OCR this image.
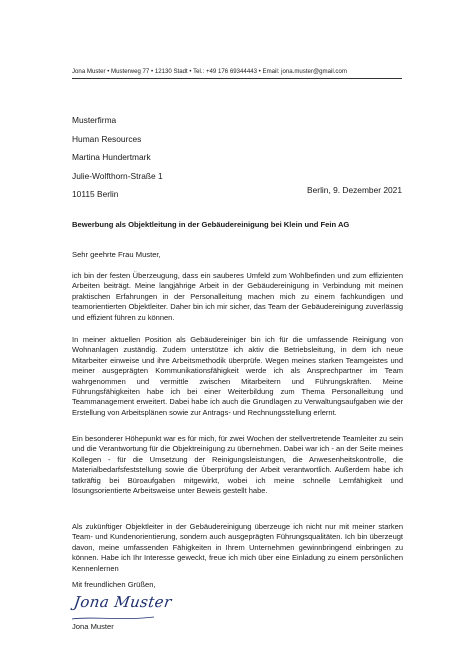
Jona Muster • Musterweg 77 • 12130 Stadt • Tel.: +49 176 69344443 • Email: jona.muster@gmail.com
Musterfirma
Human Resources
Martina Hundertmark
Julie-Wolfthorn-Straße 1
10115 Berlin	Berlin, 9. Dezember 2021
Bewerbung als Objektleitung in der Gebäudereinigung bei Klein und Fein AG
Sehr geehrte Frau Muster,

ich bin der festen Überzeugung, dass ein sauberes Umfeld zum Wohlbefinden und zum effizienten Arbeiten beiträgt. Meine langjährige Arbeit in der Gebäudereinigung in Verbindung mit meinen praktischen Erfahrungen in der Personalleitung machen mich zu einem fachkundigen und teamorientierten Objektleiter. Daher bin ich mir sicher, das Team der Gebäudereinigung zuverlässig und effizient führen zu können.

In meiner aktuellen Position als Gebäudereiniger bin ich für die umfassende Reinigung von Wohnanlagen zuständig. Zudem unterstütze ich aktiv die Betriebsleitung, in dem ich neue Mitarbeiter einweise und ihre Arbeitsmethodik überprüfe. Wegen meines starken Teamgeistes und meiner ausgeprägten Kommunikationsfähigkeit werde ich als Ansprechpartner im Team wahrgenommen und vermittle zwischen Mitarbeitern und Führungskräften. Meine Führungsfähigkeiten habe ich bei einer Weiterbildung zum Thema Personalleitung und Teammanagement erweitert. Dabei habe ich auch die Grundlagen zu Verwaltungsaufgaben wie der Erstellung von Arbeitsplänen sowie zur Antrags- und Rechnungsstellung erlernt.

Ein besonderer Höhepunkt war es für mich, für zwei Wochen der stellvertretende Teamleiter zu sein und die Verantwortung für die Objektreinigung zu übernehmen. Dabei war ich - an der Seite meines Kollegen - für die Umsetzung der Reinigungsleistungen, die Anwesenheitskontrolle, die Materialbedarfsfeststellung sowie die Überprüfung der Arbeit verantwortlich. Außerdem habe ich tatkräftig bei Büroaufgaben mitgewirkt, wobei ich meine schnelle Lernfähigkeit und lösungsorientierte Arbeitsweise unter Beweis gestellt habe.

Als zukünftiger Objektleiter in der Gebäudereinigung überzeuge ich nicht nur mit meiner starken Team- und Kundenorientierung, sondern auch ausgeprägten Führungsqualitäten. Ich bin überzeugt davon, meine umfassenden Fähigkeiten in Ihrem Unternehmen gewinnbringend einbringen zu können. Habe ich Ihr Interesse geweckt, freue ich mich über eine Einladung zu einem persönlichen Kennenlernen

Mit freundlichen Grüßen,
Jona Muster
Jona Muster
